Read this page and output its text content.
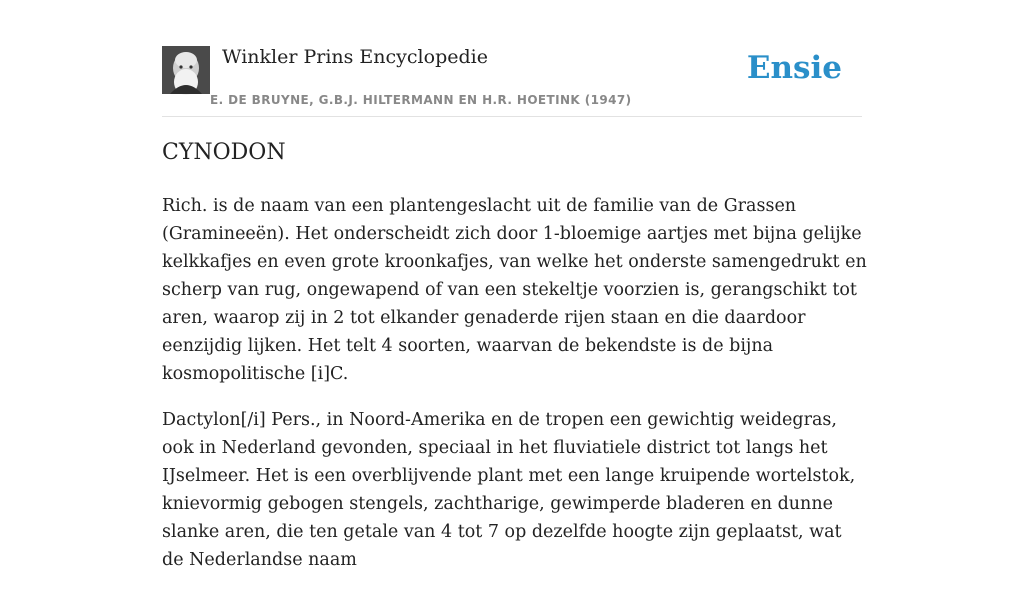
Winkler Prins Encyclopedie
E. DE BRUYNE, G.B.J. HILTERMANN EN H.R. HOETINK (1947)
Ensie
CYNODON

Rich. is de naam van een plantengeslacht uit de familie van de Grassen (Gramineeën). Het onderscheidt zich door 1-bloemige aartjes met bijna gelijke kelkkafjes en even grote kroonkafjes, van welke het onderste samengedrukt en scherp van rug, ongewapend of van een stekeltje voorzien is, gerangschikt tot aren, waarop zij in 2 tot elkander genaderde rijen staan en die daardoor eenzijdig lijken. Het telt 4 soorten, waarvan de bekendste is de bijna kosmopolitische [i]C.

Dactylon[/i] Pers., in Noord-Amerika en de tropen een gewichtig weidegras, ook in Nederland gevonden, speciaal in het fluviatiele district tot langs het IJselmeer. Het is een overblijvende plant met een lange kruipende wortelstok, knievormig gebogen stengels, zachtharige, gewimperde bladeren en dunne slanke aren, die ten getale van 4 tot 7 op dezelfde hoogte zijn geplaatst, wat de Nederlandse naam
